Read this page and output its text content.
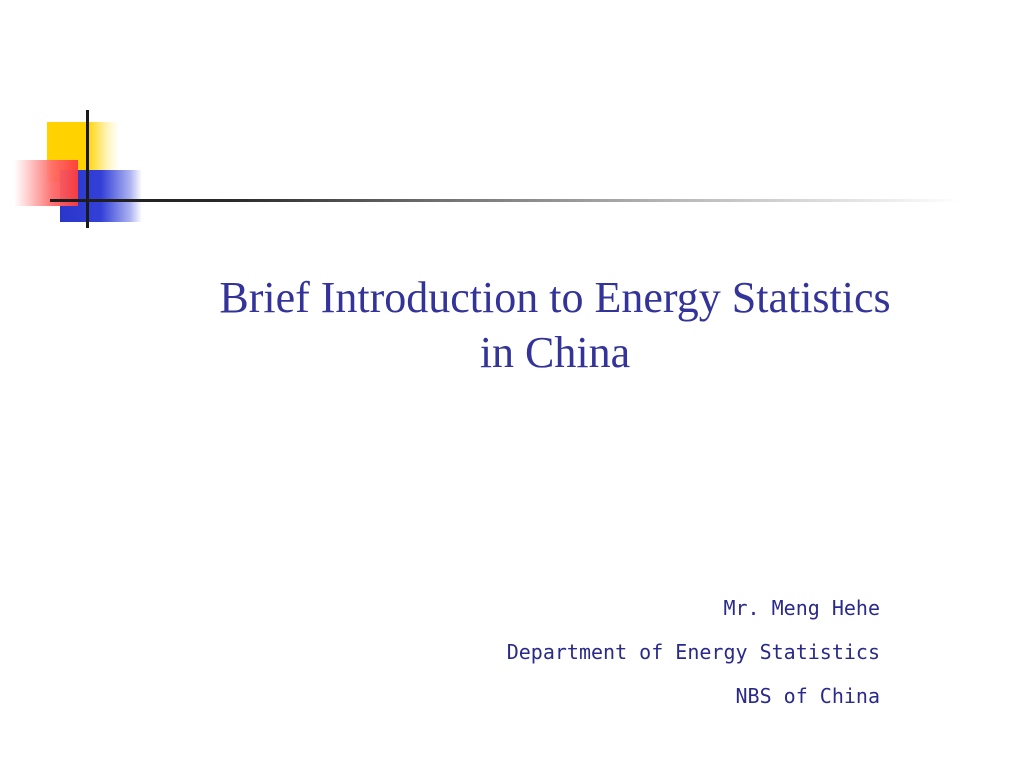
Brief Introduction to Energy Statistics
in China
Mr. Meng Hehe
Department of Energy Statistics
NBS of China
